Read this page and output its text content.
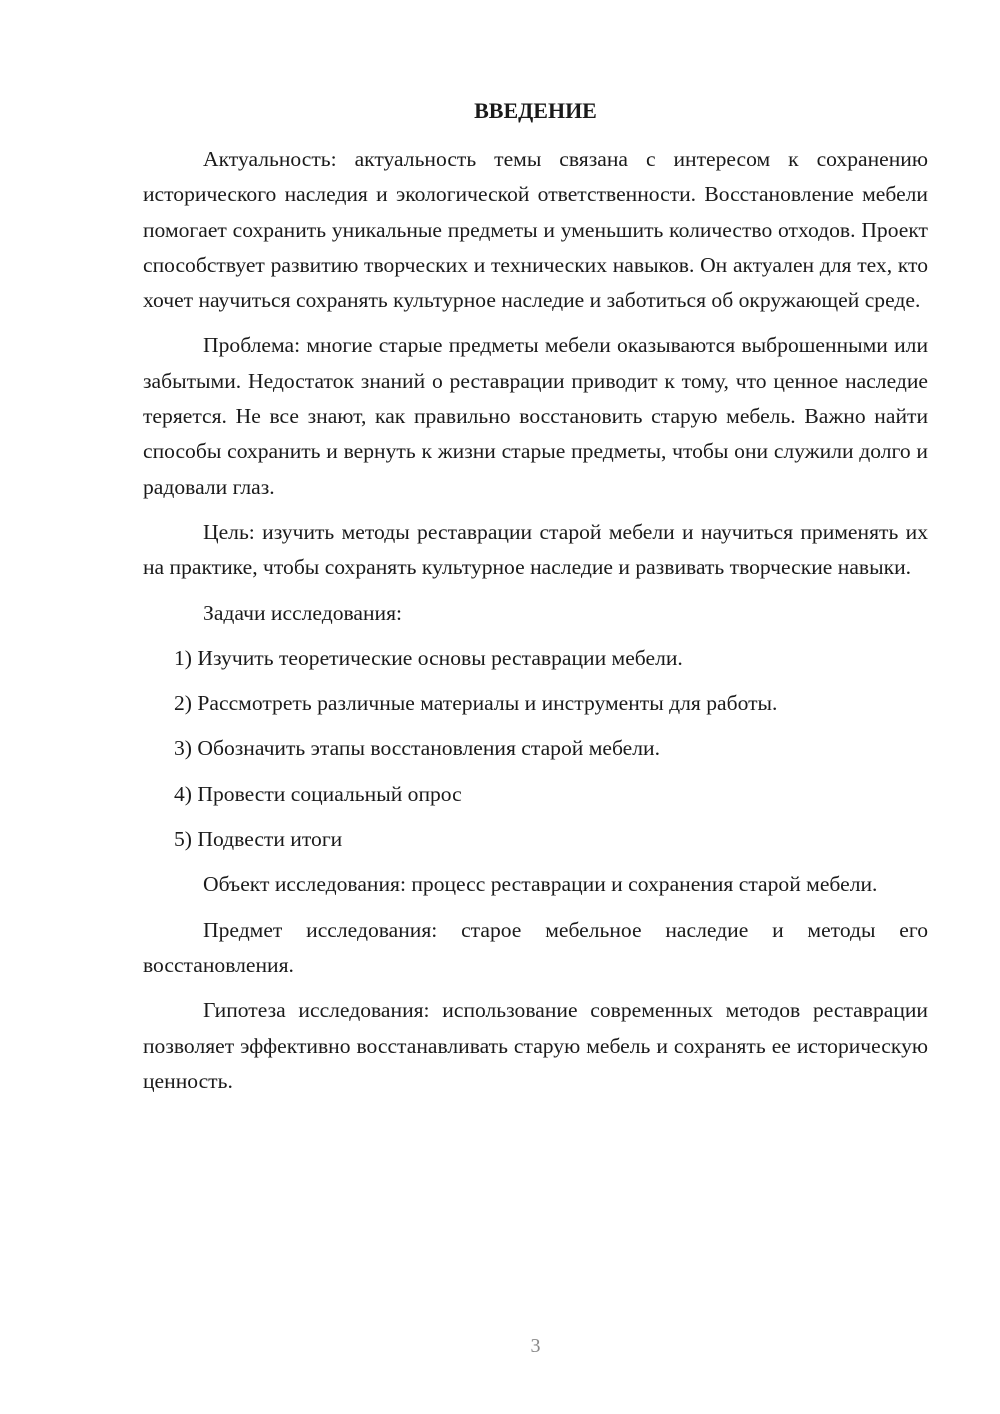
ВВЕДЕНИЕ

Актуальность: актуальность темы связана с интересом к сохранению исторического наследия и экологической ответственности. Восстановление мебели помогает сохранить уникальные предметы и уменьшить количество отходов. Проект способствует развитию творческих и технических навыков. Он актуален для тех, кто хочет научиться сохранять культурное наследие и заботиться об окружающей среде.

Проблема: многие старые предметы мебели оказываются выброшенными или забытыми. Недостаток знаний о реставрации приводит к тому, что ценное наследие теряется. Не все знают, как правильно восстановить старую мебель. Важно найти способы сохранить и вернуть к жизни старые предметы, чтобы они служили долго и радовали глаз.

Цель: изучить методы реставрации старой мебели и научиться применять их на практике, чтобы сохранять культурное наследие и развивать творческие навыки.

Задачи исследования:

1) Изучить теоретические основы реставрации мебели.

2) Рассмотреть различные материалы и инструменты для работы.

3) Обозначить этапы восстановления старой мебели.

4) Провести социальный опрос

5) Подвести итоги

Объект исследования: процесс реставрации и сохранения старой мебели.

Предмет исследования: старое мебельное наследие и методы его восстановления.

Гипотеза исследования: использование современных методов реставрации позволяет эффективно восстанавливать старую мебель и сохранять ее историческую ценность.

3
